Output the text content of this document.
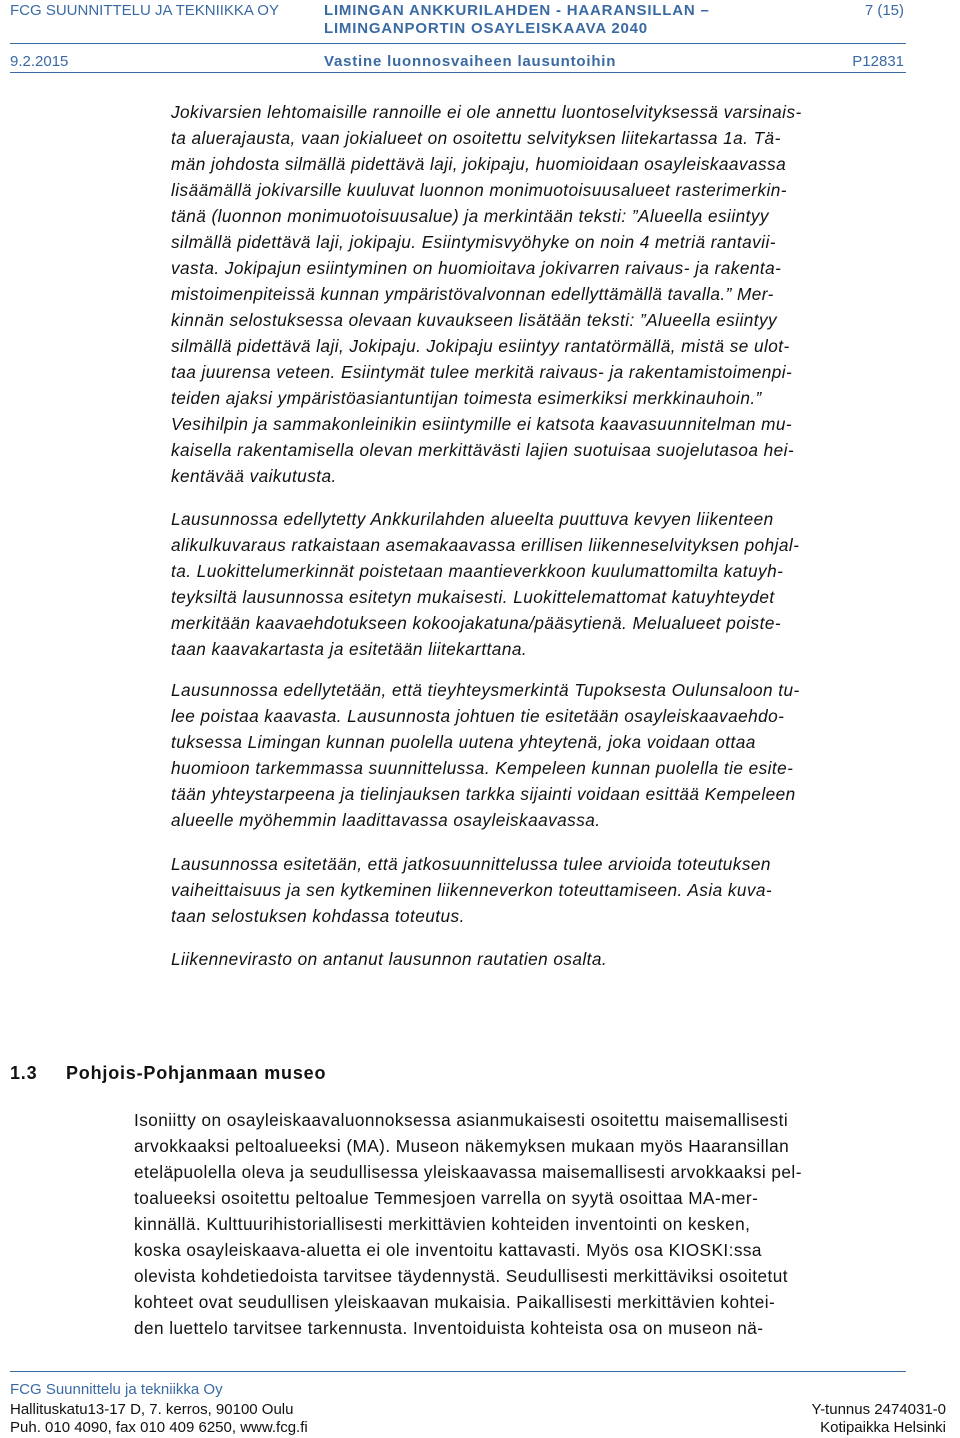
FCG SUUNNITTELU JA TEKNIIKKA OY	LIMINGAN ANKKURILAHDEN - HAARANSILLAN –
LIMINGANPORTIN OSAYLEISKAAVA 2040
7 (15)
9.2.2015	Vastine luonnosvaiheen lausuntoihin	P12831
Jokivarsien lehtomaisille rannoille ei ole annettu luontoselvityksessä varsinais-
ta aluerajausta, vaan jokialueet on osoitettu selvityksen liitekartassa 1a. Tä-
män johdosta silmällä pidettävä laji, jokipaju, huomioidaan osayleiskaavassa
lisäämällä jokivarsille kuuluvat luonnon monimuotoisuusalueet rasterimerkin-
tänä (luonnon monimuotoisuusalue) ja merkintään teksti: ”Alueella esiintyy
silmällä pidettävä laji, jokipaju. Esiintymisvyöhyke on noin 4 metriä rantavii-
vasta. Jokipajun esiintyminen on huomioitava jokivarren raivaus- ja rakenta-
mistoimenpiteissä kunnan ympäristövalvonnan edellyttämällä tavalla.” Mer-
kinnän selostuksessa olevaan kuvaukseen lisätään teksti: ”Alueella esiintyy
silmällä pidettävä laji, Jokipaju. Jokipaju esiintyy rantatörmällä, mistä se ulot-
taa juurensa veteen. Esiintymät tulee merkitä raivaus- ja rakentamistoimenpi-
teiden ajaksi ympäristöasiantuntijan toimesta esimerkiksi merkkinauhoin.”
Vesihilpin ja sammakonleinikin esiintymille ei katsota kaavasuunnitelman mu-
kaisella rakentamisella olevan merkittävästi lajien suotuisaa suojelutasoa hei-
kentävää vaikutusta.
Lausunnossa edellytetty Ankkurilahden alueelta puuttuva kevyen liikenteen
alikulkuvaraus ratkaistaan asemakaavassa erillisen liikenneselvityksen pohjal-
ta. Luokittelumerkinnät poistetaan maantieverkkoon kuulumattomilta katuyh-
teyksiltä lausunnossa esitetyn mukaisesti. Luokittelemattomat katuyhteydet
merkitään kaavaehdotukseen kokoojakatuna/pääsytienä. Melualueet poiste-
taan kaavakartasta ja esitetään liitekarttana.
Lausunnossa edellytetään, että tieyhteysmerkintä Tupoksesta Oulunsaloon tu-
lee poistaa kaavasta. Lausunnosta johtuen tie esitetään osayleiskaavaehdo-
tuksessa Limingan kunnan puolella uutena yhteytenä, joka voidaan ottaa
huomioon tarkemmassa suunnittelussa. Kempeleen kunnan puolella tie esite-
tään yhteystarpeena ja tielinjauksen tarkka sijainti voidaan esittää Kempeleen
alueelle myöhemmin laadittavassa osayleiskaavassa.
Lausunnossa esitetään, että jatkosuunnittelussa tulee arvioida toteutuksen
vaiheittaisuus ja sen kytkeminen liikenneverkon toteuttamiseen. Asia kuva-
taan selostuksen kohdassa toteutus.
Liikennevirasto on antanut lausunnon rautatien osalta.
1.3 Pohjois-Pohjanmaan museo
Isoniitty on osayleiskaavaluonnoksessa asianmukaisesti osoitettu maisemallisesti
arvokkaaksi peltoalueeksi (MA). Museon näkemyksen mukaan myös Haaransillan
eteläpuolella oleva ja seudullisessa yleiskaavassa maisemallisesti arvokkaaksi pel-
toalueeksi osoitettu peltoalue Temmesjoen varrella on syytä osoittaa MA-mer-
kinnällä. Kulttuurihistoriallisesti merkittävien kohteiden inventointi on kesken,
koska osayleiskaava-aluetta ei ole inventoitu kattavasti. Myös osa KIOSKI:ssa
olevista kohdetiedoista tarvitsee täydennystä. Seudullisesti merkittäviksi osoitetut
kohteet ovat seudullisen yleiskaavan mukaisia. Paikallisesti merkittävien kohtei-
den luettelo tarvitsee tarkennusta. Inventoiduista kohteista osa on museon nä-
FCG Suunnittelu ja tekniikka Oy
Hallituskatu13-17 D, 7. kerros, 90100 Oulu
Puh. 010 4090, fax 010 409 6250, www.fcg.fi
Y-tunnus 2474031-0
Kotipaikka Helsinki
